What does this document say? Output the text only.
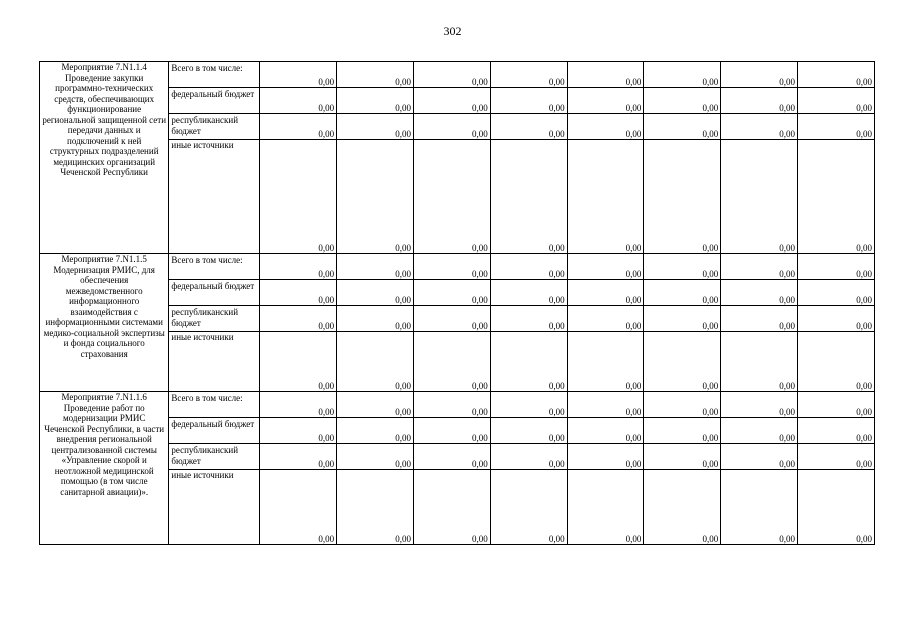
302
Мероприятие 7.N1.1.4 Проведение закупки программно-технических средств, обеспечивающих функционирование региональной защищенной сети передачи данных и подключений к ней структурных подразделений медицинских организаций Чеченской Республики	Всего в том числе:	0,00	0,00	0,00	0,00	0,00	0,00	0,00	0,00
	федеральный бюджет	0,00	0,00	0,00	0,00	0,00	0,00	0,00	0,00
	республиканский бюджет	0,00	0,00	0,00	0,00	0,00	0,00	0,00	0,00
	иные источники	0,00	0,00	0,00	0,00	0,00	0,00	0,00	0,00
Мероприятие 7.N1.1.5 Модернизация РМИС, для обеспечения межведомственного информационного взаимодействия с информационными системами медико-социальной экспертизы и фонда социального страхования	Всего в том числе:	0,00	0,00	0,00	0,00	0,00	0,00	0,00	0,00
	федеральный бюджет	0,00	0,00	0,00	0,00	0,00	0,00	0,00	0,00
	республиканский бюджет	0,00	0,00	0,00	0,00	0,00	0,00	0,00	0,00
	иные источники	0,00	0,00	0,00	0,00	0,00	0,00	0,00	0,00
Мероприятие 7.N1.1.6 Проведение работ по модернизации РМИС Чеченской Республики, в части внедрения региональной централизованной системы «Управление скорой и неотложной медицинской помощью (в том числе санитарной авиации)».	Всего в том числе:	0,00	0,00	0,00	0,00	0,00	0,00	0,00	0,00
	федеральный бюджет	0,00	0,00	0,00	0,00	0,00	0,00	0,00	0,00
	республиканский бюджет	0,00	0,00	0,00	0,00	0,00	0,00	0,00	0,00
	иные источники	0,00	0,00	0,00	0,00	0,00	0,00	0,00	0,00
